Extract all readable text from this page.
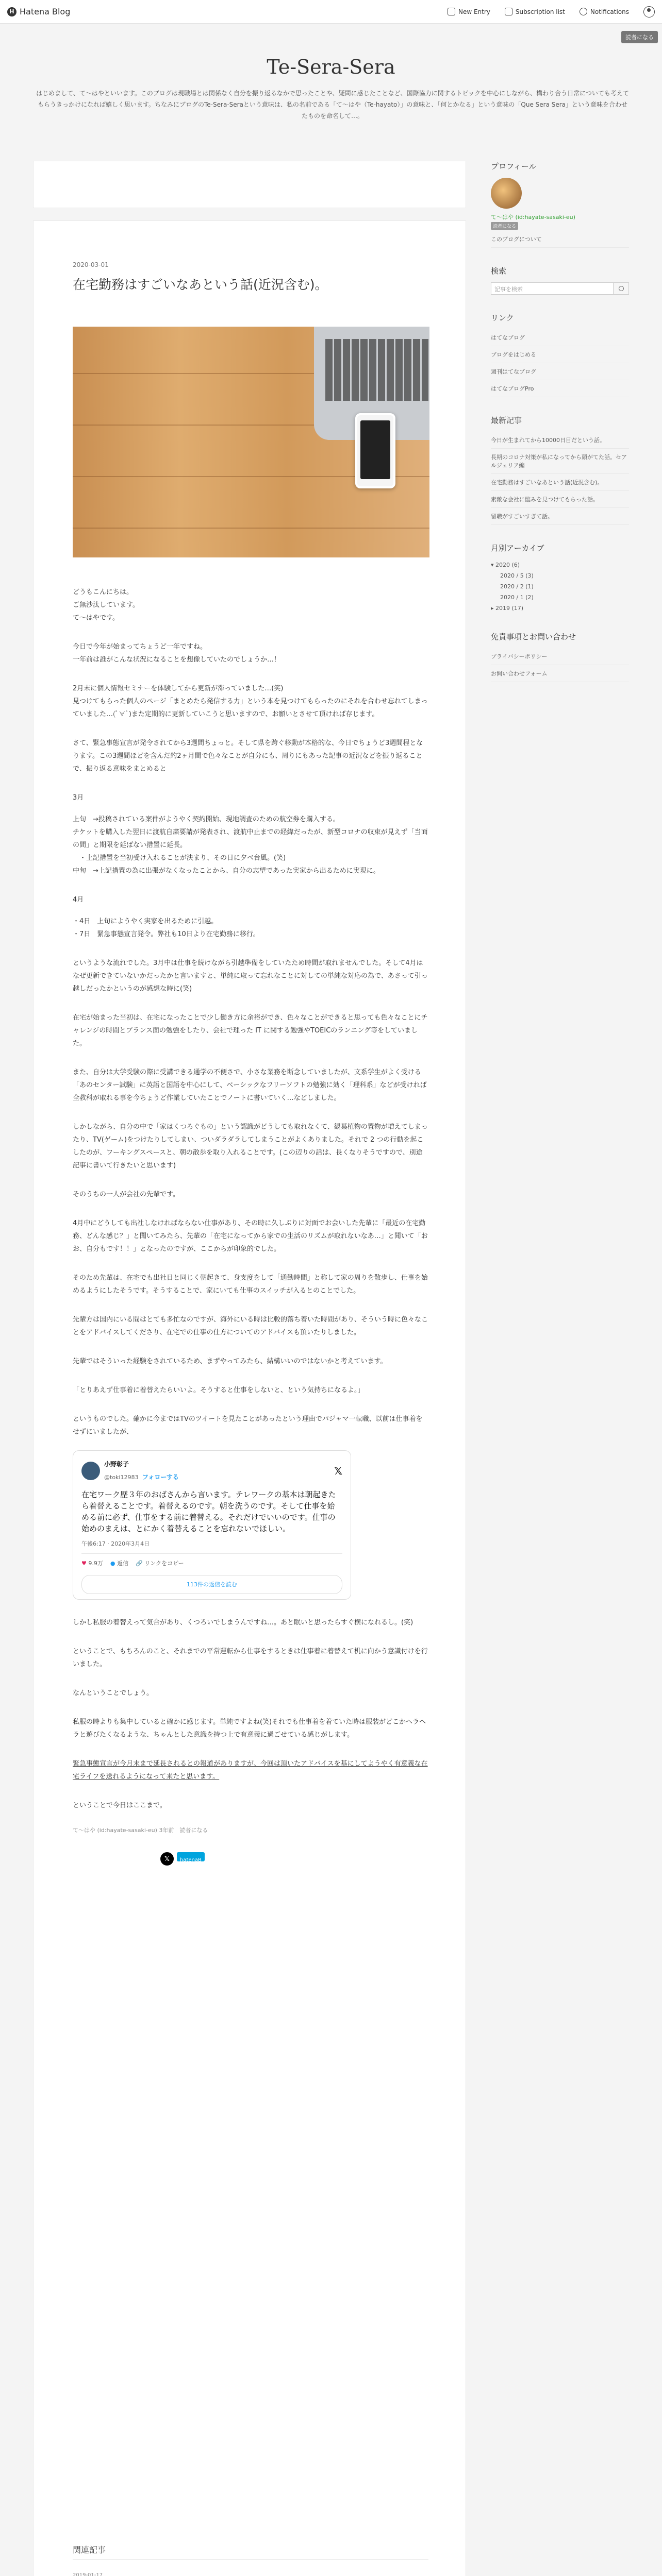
H Hatena Blog	New Entry	Subscription list	Notifications
読者になる
Te-Sera-Sera
はじめまして、て〜はやといいます。このブログは現職場とは関係なく自分を振り返るなかで思ったことや、疑問に感じたことなど、国際協力に関するトピックを中心にしながら、構わり合う日常についても考えてもらうきっかけになれば嬉しく思います。ちなみにブログのTe-Sera-Seraという意味は、私の名前である「て〜はや（Te-hayato）」の意味と、「何とかなる」という意味の「Que Sera Sera」という意味を合わせたものを命名して…。
2020-03-01
在宅勤務はすごいなあという話(近況含む)。
どうもこんにちは。
ご無沙汰しています。
て〜はやです。
今日で今年が始まってちょうど一年ですね。
一年前は誰がこんな状況になることを想像していたのでしょうか…！
2月末に個人情報セミナーを体験してから更新が滞っていました…(笑)
見つけてもらった個人のページ「まとめたら発信する力」という本を見つけてもらったのにそれを合わせ忘れてしまっていました…(ﾟ∀ﾟ)また定期的に更新していこうと思いますので、お願いとさせて頂ければ存じます。
さて、緊急事態宣言が発令されてから3週間ちょっと。そして県を跨ぐ移動が本格的な、今日でちょうど3週間程となります。この3週間ほどを含んだ約2ヶ月間で色々なことが自分にも、周りにもあった記事の近況などを振り返ることで、振り返る意味をまとめると
3月
上旬　→投稿されている案件がようやく契約開始、現地調査のための航空券を購入する。
チケットを購入した翌日に渡航自粛要請が発表され、渡航中止までの経緯だったが、新型コロナの収束が見えず「当面の間」と期限を延ばない措置に延長。
　・上記措置を当初受け入れることが決まり、その日に夕べ台風。(笑)
中旬　→上記措置の為に出張がなくなったことから、自分の志望であった実家から出るために実現に。
4月
・4日　上旬にようやく実家を出るために引越。
・7日　緊急事態宣言発令。弊社も10日より在宅勤務に移行。
というような流れでした。3月中は仕事を続けながら引越準備をしていたため時間が取れませんでした。そして4月はなぜ更新できていないかだったかと言いますと、単純に取って忘れなことに対しての単純な対応の為で、あさって引っ越しだったかというのが感想な時に(笑)
在宅が始まった当初は、在宅になったことで少し働き方に余裕ができ、色々なことができると思っても色々なことにチャレンジの時間とプランス面の勉強をしたり、会社で理った IT に関する勉強やTOEICのランニング等をしていました。
また、自分は大学受験の際に受講できる通学の不便さで、小さな業務を断念していましたが、文系学生がよく受ける「あのセンター試験」に英語と国語を中心にして、ベーシックなフリーソフトの勉強に効く「理科系」などが受ければ全教科が取れる事を今ちょうど作業していたことでノートに書いていく…などしました。
しかしながら、自分の中で「家はくつろぐもの」という認識がどうしても取れなくて、観葉植物の置物が増えてしまったり、TV(ゲーム)をつけたりしてしまい、ついダラダラしてしまうことがよくありました。それで 2 つの行動を起こしたのが、ワーキングスペースと、朝の散歩を取り入れることです。(この辺りの話は、長くなりそうですので、別途記事に書いて行きたいと思います)
そのうちの一人が会社の先輩です。
4月中にどうしても出社しなければならない仕事があり、その時に久しぶりに対面でお会いした先輩に「最近の在宅勤務、どんな感じ？」と聞いてみたら、先輩の「在宅になってから家での生活のリズムが取れないなあ…」と聞いて「おお、自分もです！！」となったのですが、ここからが印象的でした。
そのため先輩は、在宅でも出社日と同じく朝起きて、身支度をして「通勤時間」と称して家の周りを散歩し、仕事を始めるようにしたそうです。そうすることで、家にいても仕事のスイッチが入るとのことでした。
先輩方は国内にいる間はとても多忙なのですが、海外にいる時は比較的落ち着いた時間があり、そういう時に色々なことをアドバイスしてくださり、在宅での仕事の仕方についてのアドバイスも頂いたりしました。
先輩ではそういった経験をされているため、まずやってみたら、結構いいのではないかと考えています。
「とりあえず仕事着に着替えたらいいよ。そうすると仕事をしないと、という気持ちになるよ。」
というものでした。確かに今まではTVのツイートを見たことがあったという理由でパジャマ一転職、以前は仕事着をせずにいましたが、
小野彰子
@toki12983 フォローする
𝕏
在宅ワーク歴３年のおばさんから言います。テレワークの基本は朝起きたら着替えることです。着替えるのです。朝を洗うのです。そして仕事を始める前に必ず、仕事をする前に着替える。それだけでいいのです。仕事の始めのまえは、とにかく着替えることを忘れないでほしい。
午後6:17 · 2020年3月4日
♥ 9.9万 ● 返信 🔗 リンクをコピー
113件の返信を読む
しかし私服の着替えって気合があり、くつろいでしまうんですね…。あと眠いと思ったらすぐ横になれるし。(笑)
ということで、もちろんのこと、それまでの平常運転から仕事をするときは仕事着に着替えて机に向かう意識付けを行いました。
なんということでしょう。
私服の時よりも集中していると確かに感じます。単純ですよね(笑)それでも仕事着を着ていた時は服装がどこかヘラヘラと遊びたくなるような、ちゃんとした意識を持つ上で有意義に過ごせている感じがします。
緊急事態宣言が今月末まで延長されるとの報道がありますが、今回は頂いたアドバイスを基にしてようやく有意義な在宅ライフを送れるようになって来たと思います。
ということで今日はここまで。
て〜はや (id:hayate-sasaki-eu) 3年前　読者になる
𝕏	hatenaB
関連記事
2019-01-17
プロフィール
て〜はや (id:hayate-sasaki-eu)
読者になる
このブログについて
検索
記事を検索
リンク
はてなブログ
ブログをはじめる
週刊はてなブログ
はてなブログPro
最新記事
今日が生まれてから10000日目だという話。
長期のコロナ対策が私になってから頭がてた話。セアルジェリア編
在宅勤務はすごいなあという話(近況含む)。
素敵な会社に臨みを見つけてもらった話。
留職がすごいすぎて話。
月別アーカイブ
▾ 2020 (6)
2020 / 5 (3)
2020 / 2 (1)
2020 / 1 (2)
▸ 2019 (17)
免責事項とお問い合わせ
プライバシーポリシー
お問い合わせフォーム
